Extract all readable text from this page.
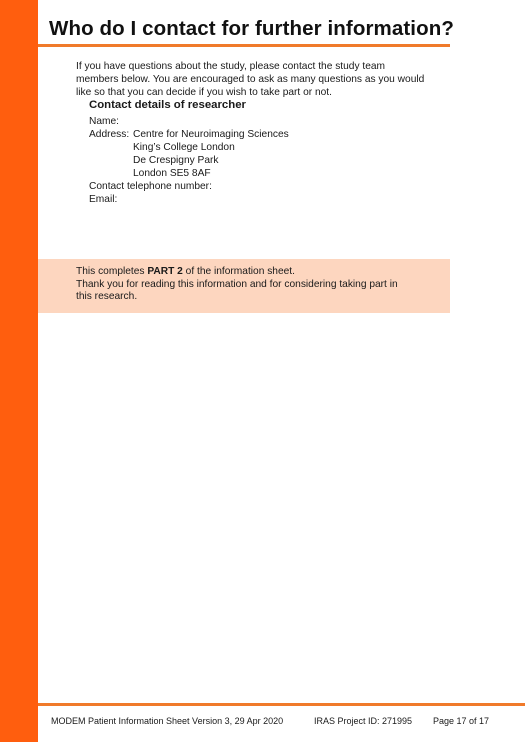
Who do I contact for further information?

If you have questions about the study, please contact the study team members below. You are encouraged to ask as many questions as you would like so that you can decide if you wish to take part or not.

Contact details of researcher

Name:

Address: Centre for Neuroimaging Sciences

King’s College London

De Crespigny Park

London SE5 8AF

Contact telephone number:

Email:

This completes PART 2 of the information sheet.
Thank you for reading this information and for considering taking part in this research.

MODEM Patient Information Sheet Version 3, 29 Apr 2020	IRAS Project ID: 271995 Page 17 of 17
